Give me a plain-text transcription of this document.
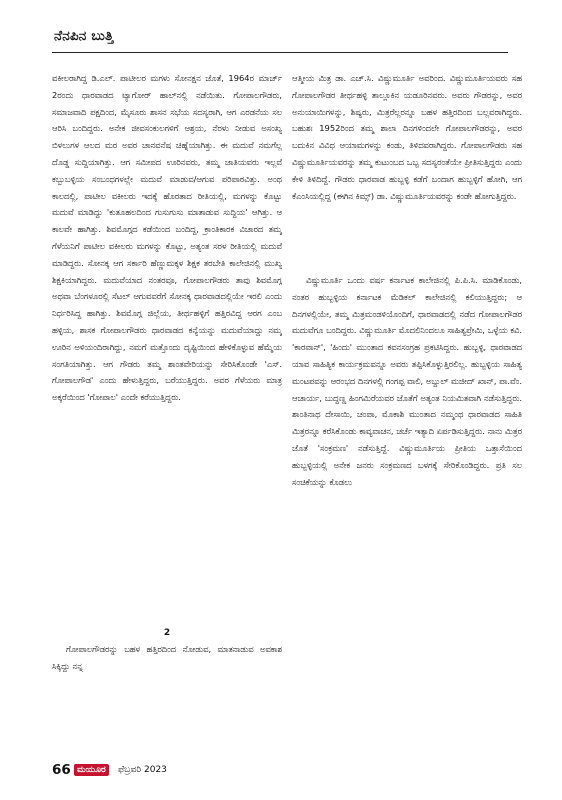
ನೆನಪಿನ ಬುತ್ತಿ

ವಕೀಲರಾಗಿದ್ದ ಡಿ.ಎಲ್. ಪಾಟೀಲರ ಮಗಳು ಸೋನಕ್ಷನ ಜೊತೆ, 1964ರ ಮಾರ್ಚ್ 2ರಂದು ಧಾರವಾಡದ ಟ್ಯಾಗೋರ್ ಹಾಲ್‌ನಲ್ಲಿ ನಡೆಯಿತು. ಗೋಪಾಲಗೌಡರು, ಸಮಾಜವಾದಿ ಪಕ್ಷದಿಂದ, ಮೈಸೂರು ಶಾಸನ ಸಭೆಯ ಸದಸ್ಯರಾಗಿ, ಆಗ ಎರಡನೆಯ ಸಲ ಆರಿಸಿ ಬಂದಿದ್ದರು. ಅನೇಕ ಜೀವಸಂಕುಲಗಳಿಗೆ ಆಶ್ರಯ, ನೆರಳು ನೀಡುವ ಅಸಂಖ್ಯ ಬಿಳಲುಗಳ ಆಲದ ಮರ ಅವರ ಚಾನವನೆಷ ಚಿಹ್ನೆಯಾಗಿತ್ತು. ಈ ಮದುವೆ ನಮಗೆಲ್ಲ ದೊಡ್ಡ ಸುದ್ದಿಯಾಗಿತ್ತು. ಆಗ ಸಮೀಪದ ಊರಿನವರು, ತಮ್ಮ ಜಾತಿಯವರು ಇಲ್ಲವೆ ಕಬ್ಬುಬಳ್ಳಿಯ ಸಂಬಂಧಗಳಲ್ಲೇ ಮದುವೆ ಮಾಡುವ/ಆಗುವ ಪರಿಪಾಠವಿತ್ತು. ಅಂಥ ಕಾಲದಲ್ಲಿ, ಪಾಟೀಲ ವಕೀಲರು ಇದಕ್ಕೆ ಹೊರತಾದ ರೀತಿಯಲ್ಲಿ, ಮಗಳನ್ನು ಕೊಟ್ಟು ಮದುವೆ ಮಾಡಿದ್ದು 'ಕುತೂಹಲದಿಂದ ಗುಸುಗುಸು ಮಾತಾಡುವ ಸುದ್ದಿಯ' ಆಗಿತ್ತು. ಆ ಕಾಲವೇ ಹಾಗಿತ್ತು. ಶಿವಮೊಗ್ಗದ ಕಡೆಯಿಂದ ಬಂದಿದ್ದ, ಕ್ರಾಂತಿಕಾರಕ ವಿಚಾರದ ತಮ್ಮ ಗೆಳೆಯನಿಗೆ ಪಾಟೀಲ ವಕೀಲರು ಮಗಳನ್ನು ಕೊಟ್ಟು, ಅತ್ಯಂತ ಸರಳ ರೀತಿಯಲ್ಲಿ ಮದುವೆ ಮಾಡಿದ್ದರು. ಸೋನಕ್ಕ ಆಗ ಸರ್ಕಾರಿ ಹೆಣ್ಣುಮಕ್ಕಳ ಶಿಕ್ಷಕ ತರಬೇತಿ ಕಾಲೇಜಿನಲ್ಲಿ ಮುಖ್ಯ ಶಿಕ್ಷಕಿಯಾಗಿದ್ದರು. ಮದುವೆಯಾದ ನಂತರವೂ, ಗೋಪಾಲಗೌಡರು ತಾವು ಶಿವಮೊಗ್ಗ ಅಥವಾ ಬೆಂಗಳೂರಲ್ಲಿ ಸೆಟಲ್ ಆಗುವವರೆಗೆ ಸೋನಕ್ಕ ಧಾರವಾಡದಲ್ಲಿಯೇ ಇರಲಿ ಎಂದು ನಿರ್ಧರಿಸಿದ್ದ ಹಾಗಿತ್ತು. ಶಿವಮೊಗ್ಗ ಜಿಲ್ಲೆಯ, ತೀರ್ಥಹಳ್ಳಿಗೆ ಹತ್ತಿರವಿದ್ದ ಆರಗ ಎಂಬ ಹಳ್ಳಿಯ, ಶಾಸಕ ಗೋಪಾಲಗೌಡರು ಧಾರವಾಡದ ಕನ್ಯೆಯನ್ನು ಮದುವೆಯಾದ್ದು ನಮ್ಮ ಊರಿನ ಅಳಿಯಂದಿರಾಗಿದ್ದು, ನಮಗೆ ಮತ್ತೊಂದು ದೃಷ್ಟಿಯಿಂದ ಹೇಳಿಕೊಳ್ಳುವ ಹೆಮ್ಮೆಯ ಸಂಗತಿಯಾಗಿತ್ತು. ಆಗ ಗೌಡರು ತಮ್ಮ ಶಾಂತವೇರಿಯನ್ನು ಸೇರಿಸಿಕೊಂಡೇ 'ಎಸ್. ಗೋಪಾಲಗೌಡ' ಎಂದು ಹೇಳುತ್ತಿದ್ದರು, ಬರೆಯುತ್ತಿದ್ದರು. ಅವರ ಗೆಳೆಯರು ಮಾತ್ರ ಅಕ್ಕರೆಯಿಂದ 'ಗೋಪಾಲ' ಎಂದೇ ಕರೆಯುತ್ತಿದ್ದರು.

2

ಗೋಪಾಲಗೌಡರನ್ನು ಬಹಳ ಹತ್ತಿರದಿಂದ ನೋಡುವ, ಮಾತನಾಡುವ ಅವಕಾಶ ಸಿಕ್ಕಿದ್ದು ನನ್ನ

ಆತ್ಮೀಯ ಮಿತ್ರ ಡಾ. ಎಚ್.ಸಿ. ವಿಷ್ಣುಮೂರ್ತಿ ಅವರಿಂದ. ವಿಷ್ಣುಮೂರ್ತಿಯವರು ಸಹ ಗೋಪಾಲಗೌಡರ ತೀರ್ಥಹಳ್ಳಿ ತಾಲ್ಲೂಕಿನ ಯಡೂರಿನವರು. ಅವರು ಗೌಡರನ್ನು, ಅವರ ಅನುಯಾಯಿಗಳನ್ನು, ಶಿಷ್ಯರು, ಮಿತ್ರರೆಲ್ಲರನ್ನೂ ಬಹಳ ಹತ್ತಿರದಿಂದ ಬಲ್ಲವರಾಗಿದ್ದರು. ಬಹುಶಃ 1952ರಿಂದ ತಮ್ಮ ಶಾಲಾ ದಿನಗಳಿಂದಲೇ ಗೋಪಾಲಗೌಡರನ್ನು, ಅವರ ಬದುಕಿನ ವಿವಿಧ ಆಯಾಮಗಳನ್ನು ಕಂಡು, ತಿಳಿದವರಾಗಿದ್ದರು. ಗೋಪಾಲಗೌಡರು ಸಹ ವಿಷ್ಣುಮೂರ್ತಿಯವರನ್ನು ತಮ್ಮ ಕುಟುಂಬದ ಒಬ್ಬ ಸದಸ್ಯರಂತೆಯೇ ಪ್ರೀತಿಸುತ್ತಿದ್ದರು ಎಂದು ಕೇಳಿ ತಿಳಿದಿದ್ದೆ. ಗೌಡರು ಧಾರವಾಡ ಹುಬ್ಬಳ್ಳಿ ಕಡೆಗೆ ಬಂದಾಗ ಹುಬ್ಬಳ್ಳಿಗೆ ಹೋಗಿ, ಆಗ ಕೆಎಂಸಿಯಲ್ಲಿದ್ದ (ಈಗಿನ ಕಿಮ್ಸ್) ಡಾ. ವಿಷ್ಣುಮೂರ್ತಿಯವರನ್ನು ಕಂಡೇ ಹೋಗುತ್ತಿದ್ದರು.

ವಿಷ್ಣುಮೂರ್ತಿ ಒಂದು ವರ್ಷ ಕರ್ನಾಟಕ ಕಾಲೇಜಿನಲ್ಲಿ ಪಿ.ಪಿ.ಸಿ. ಮಾಡಿಕೊಂಡು, ನಂತರ ಹುಬ್ಬಳ್ಳಿಯ ಕರ್ನಾಟಕ ಮೆಡಿಕಲ್ ಕಾಲೇಜಿನಲ್ಲಿ ಕಲಿಯುತ್ತಿದ್ದರು; ಆ ದಿನಗಳಲ್ಲಿಯೇ, ತಮ್ಮ ಮಿತ್ರಮಂಡಳಿಯೊಂದಿಗೆ, ಧಾರವಾಡದಲ್ಲಿ ನಡೆದ ಗೋಪಾಲಗೌಡರ ಮದುವೆಗೂ ಬಂದಿದ್ದರು. ವಿಷ್ಣುಮೂರ್ತಿ ಮೊದಲಿನಿಂದಲೂ ಸಾಹಿತ್ಯಪ್ರೇಮಿ, ಒಳ್ಳೆಯ ಕವಿ. 'ಕಾರವಾನ್', 'ಹಿಂದು' ಮುಂತಾದ ಕವನಸಂಗ್ರಹ ಪ್ರಕಟಿಸಿದ್ದರು. ಹುಬ್ಬಳ್ಳಿ, ಧಾರವಾಡದ ಯಾವ ಸಾಹಿತ್ಯಿಕ ಕಾರ್ಯಕ್ರಮವನ್ನೂ ಅವರು ತಪ್ಪಿಸಿಕೊಳ್ಳುತ್ತಿರಲಿಲ್ಲ. ಹುಬ್ಬಳ್ಳಿಯ ಸಾಹಿತ್ಯ ಮಂಟಪವನ್ನು ಆರಂಭದ ದಿನಗಳಲ್ಲಿ ಗಂಗಪ್ಪ ವಾಲಿ, ಅಬ್ದುಲ್ ಮಜೀದ್ ಖಾನ್, ಪಾ.ವೆಂ. ಆಚಾರ್ಯ, ಬುದ್ದಣ್ಣ ಹಿಂಗಮಿರೆಯವರ ಜೊತೆಗೆ ಅತ್ಯಂತ ನಿಯಮಿತವಾಗಿ ನಡೆಸುತ್ತಿದ್ದರು. ಶಾಂತಿನಾಥ ದೇಸಾಯಿ, ಚಂಪಾ, ಮೊಕಾಶಿ ಮುಂತಾದ ನಮ್ಮಂಥ ಧಾರವಾಡದ ಸಾಹಿತಿ ಮಿತ್ರರನ್ನೂ ಕರೆಸಿಕೊಂಡು ಕಾವ್ಯವಾಚನ, ಚರ್ಚೆ ಇತ್ಯಾದಿ ಏರ್ಪಡಿಸುತ್ತಿದ್ದರು. ನಾನು ಮಿತ್ರರ ಜೊತೆ 'ಸಂಕ್ರಮಣ' ನಡೆಸುತ್ತಿದ್ದೆ. ವಿಷ್ಣುಮೂರ್ತಿಯ ಪ್ರೀತಿಯ ಒತ್ತಾಸೆಯಿಂದ ಹುಬ್ಬಳ್ಳಿಯಲ್ಲಿ ಅನೇಕ ಜನರು ಸಂಕ್ರಮಣದ ಬಳಗಕ್ಕೆ ಸೇರಿಕೊಂಡಿದ್ದರು. ಪ್ರತಿ ಸಲ ಸಂಚಿಕೆಯನ್ನು ಕೊಡಲು

66 ಮಯೂರ	ಫೆಬ್ರವರಿ 2023
